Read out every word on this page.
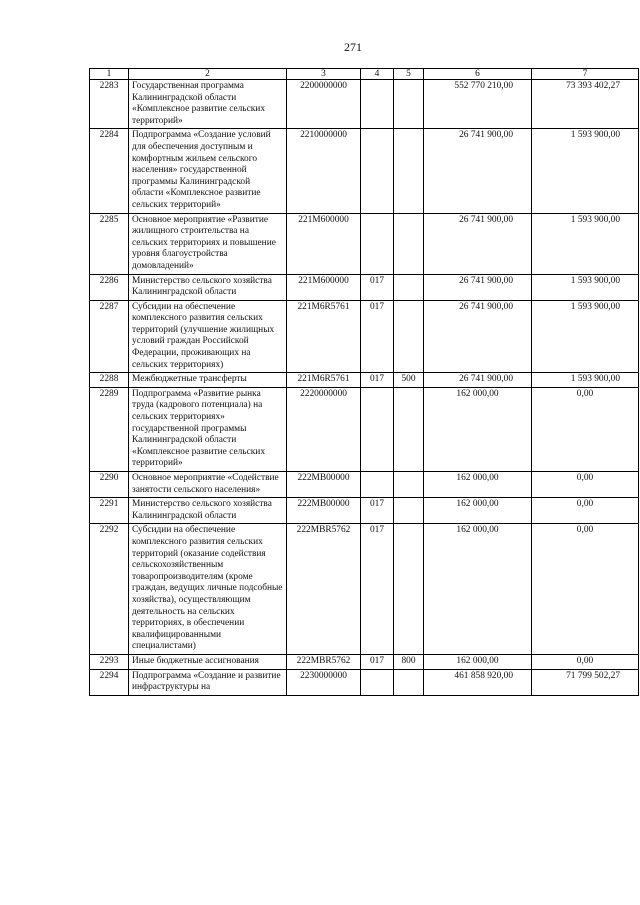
271
1	2	3	4	5	6	7
2283	Государственная программа Калининградской области «Комплексное развитие сельских территорий»	2200000000			552 770 210,00	73 393 402,27
2284	Подпрограмма «Создание условий для обеспечения доступным и комфортным жильем сельского населения» государственной программы Калининградской области «Комплексное развитие сельских территорий»	2210000000			26 741 900,00	1 593 900,00
2285	Основное мероприятие «Развитие жилищного строительства на сельских территориях и повышение уровня благоустройства домовладений»	221M600000			26 741 900,00	1 593 900,00
2286	Министерство сельского хозяйства Калининградской области	221M600000	017		26 741 900,00	1 593 900,00
2287	Субсидии на обеспечение комплексного развития сельских территорий (улучшение жилищных условий граждан Российской Федерации, проживающих на сельских территориях)	221M6R5761	017		26 741 900,00	1 593 900,00
2288	Межбюджетные трансферты	221M6R5761	017	500	26 741 900,00	1 593 900,00
2289	Подпрограмма «Развитие рынка труда (кадрового потенциала) на сельских территориях» государственной программы Калининградской области «Комплексное развитие сельских территорий»	2220000000			162 000,00	0,00
2290	Основное мероприятие «Содействие занятости сельского населения»	222MB00000			162 000,00	0,00
2291	Министерство сельского хозяйства Калининградской области	222MB00000	017		162 000,00	0,00
2292	Субсидии на обеспечение комплексного развития сельских территорий (оказание содействия сельскохозяйственным товаропроизводителям (кроме граждан, ведущих личные подсобные хозяйства), осуществляющим деятельность на сельских территориях, в обеспечении квалифицированными специалистами)	222MBR5762	017		162 000,00	0,00
2293	Иные бюджетные ассигнования	222MBR5762	017	800	162 000,00	0,00
2294	Подпрограмма «Создание и развитие инфраструктуры на	2230000000			461 858 920,00	71 799 502,27
